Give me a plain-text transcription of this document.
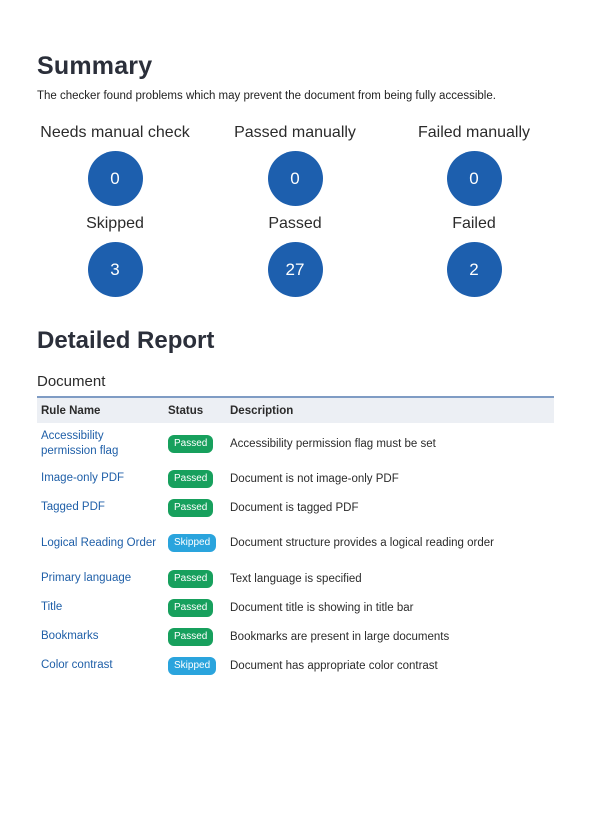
Summary
The checker found problems which may prevent the document from being fully accessible.
Needs manual check
0
Passed manually
0
Failed manually
0
Skipped
3
Passed
27
Failed
2
Detailed Report
Document
Rule Name	Status	Description
Accessibility permission flag	Passed	Accessibility permission flag must be set
Image-only PDF	Passed	Document is not image-only PDF
Tagged PDF	Passed	Document is tagged PDF
Logical Reading Order	Skipped	Document structure provides a logical reading order
Primary language	Passed	Text language is specified
Title	Passed	Document title is showing in title bar
Bookmarks	Passed	Bookmarks are present in large documents
Color contrast	Skipped	Document has appropriate color contrast
